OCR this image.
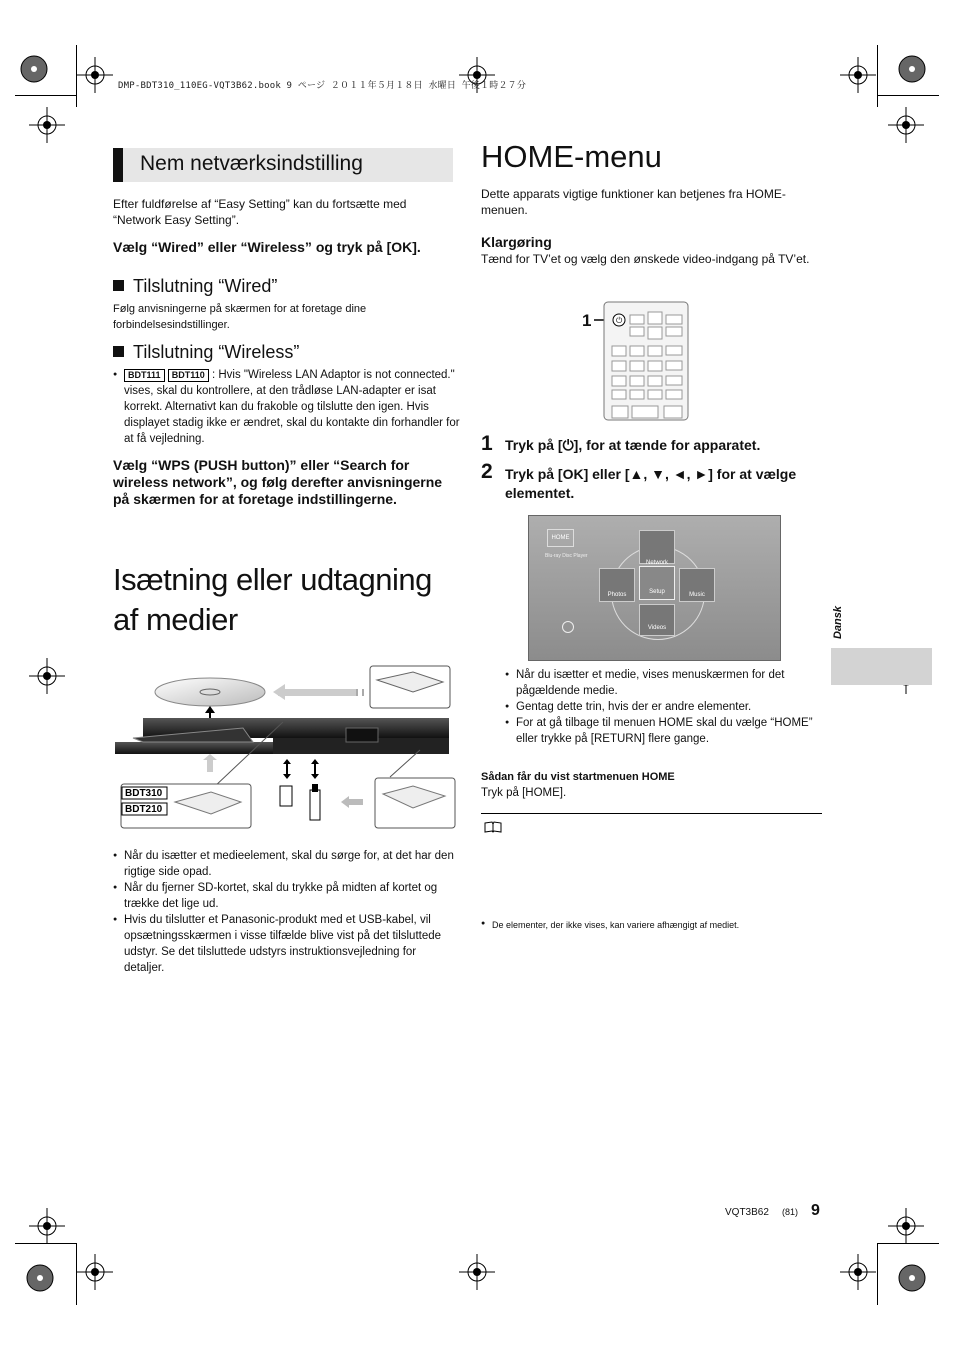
DMP-BDT310_110EG-VQT3B62.book 9 ページ ２０１１年５月１８日 水曜日 午後１時２７分
Nem netværksindstilling
Efter fuldførelse af “Easy Setting” kan du fortsætte med “Network Easy Setting”.
Vælg “Wired” eller “Wireless” og tryk på [OK].
Tilslutning “Wired”
Følg anvisningerne på skærmen for at foretage dine forbindelsesindstillinger.
Tilslutning “Wireless”
● BDT111 BDT110 : Hvis "Wireless LAN Adaptor is not connected." vises, skal du kontrollere, at den trådløse LAN-adapter er isat korrekt. Alternativt kan du frakoble og tilslutte den igen. Hvis displayet stadig ikke er ændret, skal du kontakte din forhandler for at få vejledning.
Vælg “WPS (PUSH button)” eller “Search for wireless network”, og følg derefter anvisningerne på skærmen for at foretage indstillingerne.
Isætning eller udtagning
af medier
BDT310
BDT210
● Når du isætter et medieelement, skal du sørge for, at det har den rigtige side opad.
● Når du fjerner SD-kortet, skal du trykke på midten af kortet og trække det lige ud.
● Hvis du tilslutter et Panasonic-produkt med et USB-kabel, vil opsætningsskærmen i visse tilfælde blive vist på det tilsluttede udstyr. Se det tilsluttede udstyrs instruktionsvejledning for detaljer.
HOME-menu
Dette apparats vigtige funktioner kan betjenes fra HOME-menuen.
Klargøring
Tænd for TV’et og vælg den ønskede video-indgang på TV’et.
1	⏻
1 Tryk på [⏻], for at tænde for apparatet.
2 Tryk på [OK] eller [▲, ▼, ◄, ►] for at vælge elementet.
HOME
Blu-ray Disc Player
Network
Photos	Setup	Music
Videos
● Når du isætter et medie, vises menuskærmen for det pågældende medie.
● Gentag dette trin, hvis der er andre elementer.
● For at gå tilbage til menuen HOME skal du vælge “HOME” eller trykke på [RETURN] flere gange.
Sådan får du vist startmenuen HOME
Tryk på [HOME].
● De elementer, der ikke vises, kan variere afhængigt af mediet.
Dansk
VQT3B62 (81) 9
